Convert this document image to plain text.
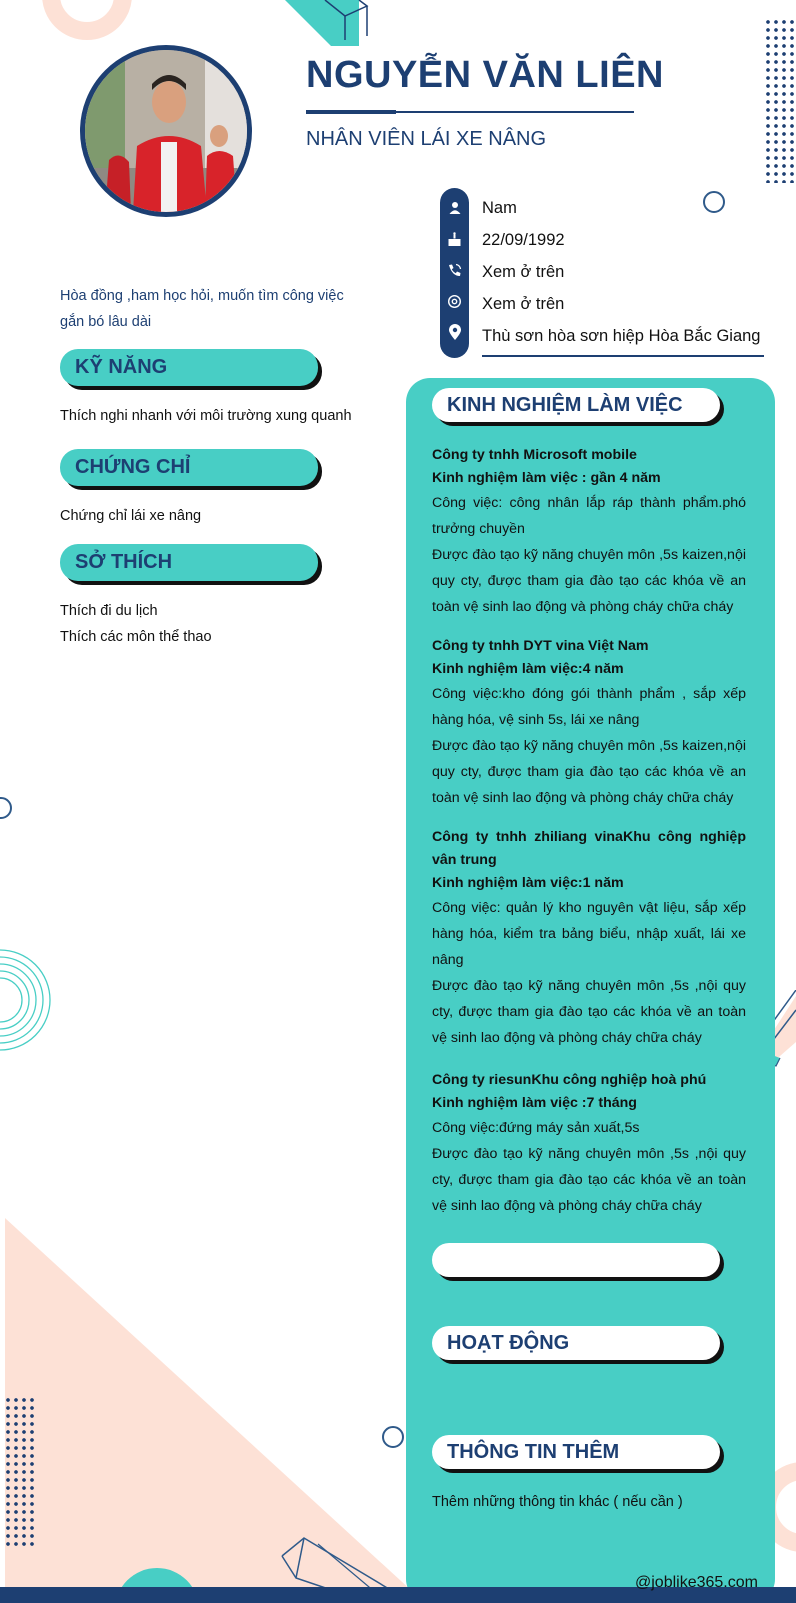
NGUYỄN VĂN LIÊN
NHÂN VIÊN LÁI XE NÂNG
Nam
22/09/1992
Xem ở trên
Xem ở trên
Thù sơn hòa sơn hiệp Hòa Bắc Giang
Hòa đồng ,ham học hỏi, muốn tìm công việc gắn bó lâu dài
KỸ NĂNG
Thích nghi nhanh với môi trường xung quanh
CHỨNG CHỈ
Chứng chỉ lái xe nâng
SỞ THÍCH
Thích đi du lịch
Thích các môn thể thao
KINH NGHIỆM LÀM VIỆC
Công ty tnhh Microsoft mobile
Kinh nghiệm làm việc : gần 4 năm
Công việc: công nhân lắp ráp thành phẩm.phó trưởng chuyền
Được đào tạo kỹ năng chuyên môn ,5s kaizen,nội quy cty, được tham gia đào tạo các khóa về an toàn vệ sinh lao động và phòng cháy chữa cháy
Công ty tnhh DYT vina Việt Nam
Kinh nghiệm làm việc:4 năm
Công việc:kho đóng gói thành phẩm , sắp xếp hàng hóa, vệ sinh 5s, lái xe nâng
Được đào tạo kỹ năng chuyên môn ,5s kaizen,nội quy cty, được tham gia đào tạo các khóa về an toàn vệ sinh lao động và phòng cháy chữa cháy
Công ty tnhh zhiliang vinaKhu công nghiệp vân trung
Kinh nghiệm làm việc:1 năm
Công việc: quản lý kho nguyên vật liệu, sắp xếp hàng hóa, kiểm tra bảng biểu, nhập xuất, lái xe nâng
Được đào tạo kỹ năng chuyên môn ,5s ,nội quy cty, được tham gia đào tạo các khóa về an toàn vệ sinh lao động và phòng cháy chữa cháy
Công ty riesunKhu công nghiệp hoà phú
Kinh nghiệm làm việc :7 tháng
Công việc:đứng máy sản xuất,5s
Được đào tạo kỹ năng chuyên môn ,5s ,nội quy cty, được tham gia đào tạo các khóa về an toàn vệ sinh lao động và phòng cháy chữa cháy
HOẠT ĐỘNG
THÔNG TIN THÊM
Thêm những thông tin khác ( nếu cần )
@joblike365.com
